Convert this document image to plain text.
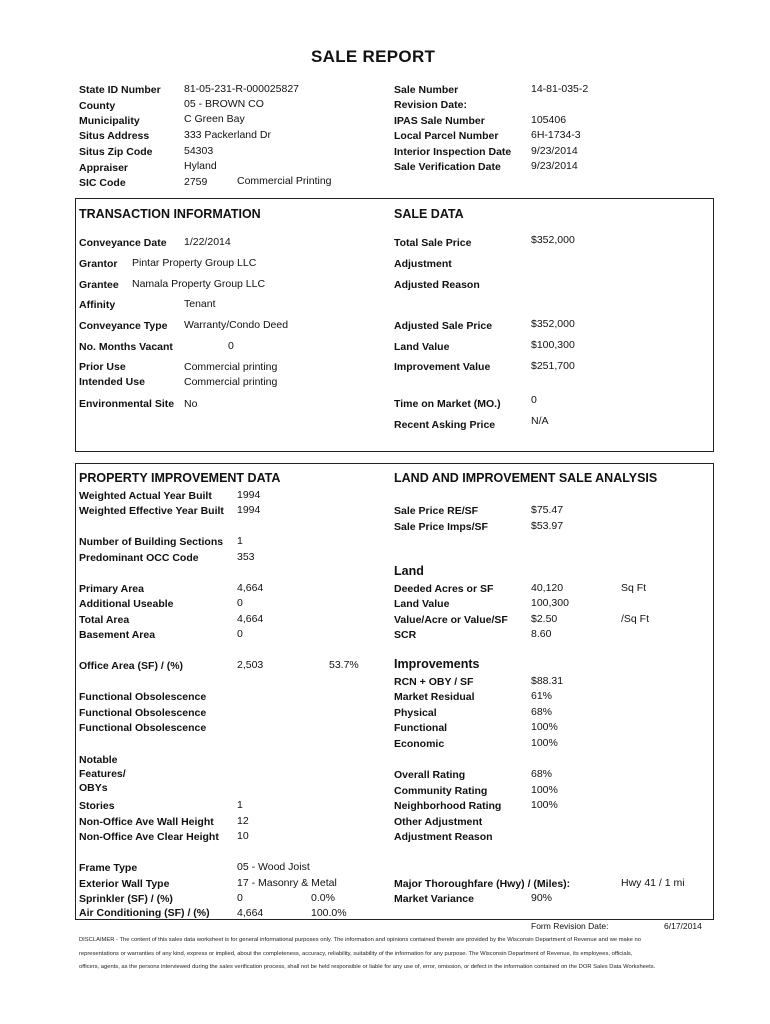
SALE REPORT
State ID Number 81-05-231-R-000025827
County	05 - BROWN CO
Municipality	C Green Bay
Situs Address	333 Packerland Dr
Situs Zip Code	54303
Appraiser	Hyland
SIC Code	2759	Commercial Printing
Sale Number	14-81-035-2
Revision Date:
IPAS Sale Number	105406
Local Parcel Number	6H-1734-3
Interior Inspection Date 9/23/2014
Sale Verification Date	9/23/2014
TRANSACTION INFORMATION	SALE DATA
Conveyance Date 1/22/2014
Grantor Pintar Property Group LLC
Grantee Namala Property Group LLC
Affinity	Tenant
Conveyance Type Warranty/Condo Deed
No. Months Vacant	0
Prior Use	Commercial printing
Intended Use	Commercial printing
Environmental Site No
Total Sale Price	$352,000
Adjustment
Adjusted Reason
Adjusted Sale Price	$352,000
Land Value	$100,300
Improvement Value	$251,700
Time on Market (MO.)	0
Recent Asking Price	N/A
PROPERTY IMPROVEMENT DATA	LAND AND IMPROVEMENT SALE ANALYSIS
Weighted Actual Year Built 1994
Weighted Effective Year Built 1994
Number of Building Sections 1
Predominant OCC Code	353
Primary Area	4,664
Additional Useable	0
Total Area	4,664
Basement Area	0
Office Area (SF) / (%)	2,503	53.7%
Functional Obsolescence
Functional Obsolescence
Functional Obsolescence
Notable
Features/
OBYs
Stories	1
Non-Office Ave Wall Height 12
Non-Office Ave Clear Height 10
Frame Type	05 - Wood Joist
Exterior Wall Type	17 - Masonry & Metal
Sprinkler (SF) / (%)	0	0.0%
Air Conditioning (SF) / (%)	4,664	100.0%
Sale Price RE/SF	$75.47
Sale Price Imps/SF	$53.97
Land
Deeded Acres or SF	40,120	Sq Ft
Land Value	100,300
Value/Acre or Value/SF $2.50	/Sq Ft
SCR	8.60
Improvements
RCN + OBY / SF	$88.31
Market Residual	61%
Physical	68%
Functional	100%
Economic	100%
Overall Rating	68%
Community Rating	100%
Neighborhood Rating	100%
Other Adjustment
Adjustment Reason
Major Thoroughfare (Hwy) / (Miles):	Hwy 41 / 1 mi
Market Variance	90%
Form Revision Date:	6/17/2014
DISCLAIMER - The content of this sales data worksheet is for general informational purposes only. The information and opinions contained therein are provided by the Wisconsin Department of Revenue and we make no
representations or warranties of any kind, express or implied, about the completeness, accuracy, reliability, suitability of the information for any purpose. The Wisconsin Department of Revenue, its employees, officials,
officers, agents, as the persons interviewed during the sales verification process, shall not be held responsible or liable for any use of, error, omission, or defect in the information contained on the DOR Sales Data Worksheets.
